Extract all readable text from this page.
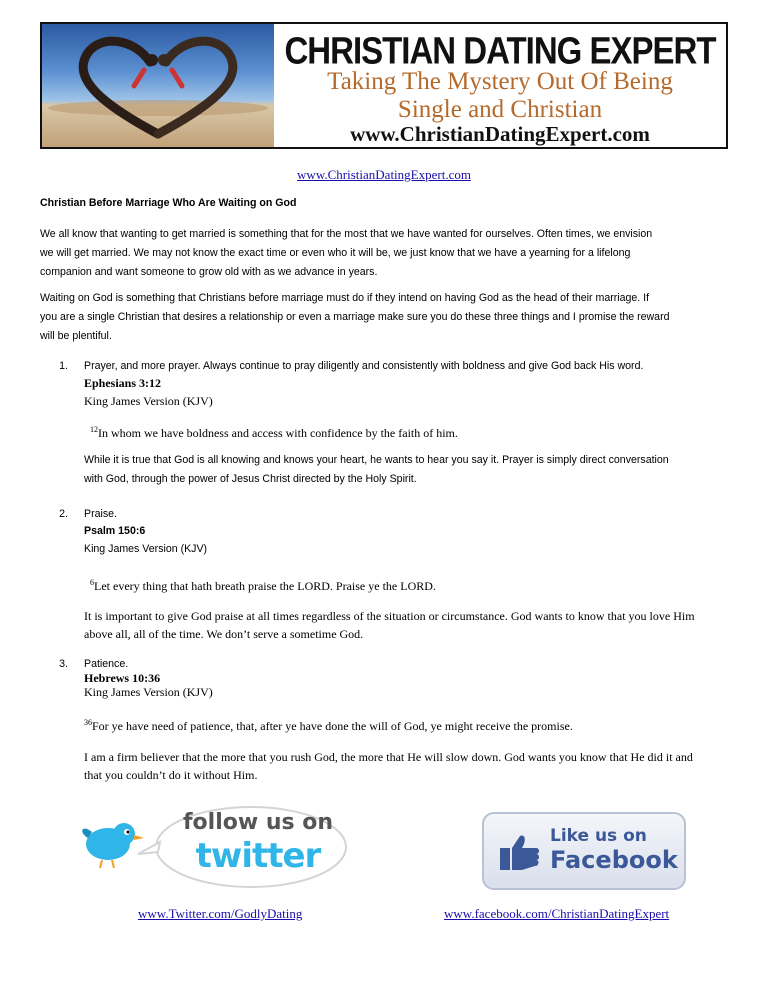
CHRISTIAN DATING EXPERT
Taking The Mystery Out Of Being
Single and Christian
www.ChristianDatingExpert.com
www.ChristianDatingExpert.com
Christian Before Marriage Who Are Waiting on God
We all know that wanting to get married is something that for the most that we have wanted for ourselves. Often times, we envision
we will get married. We may not know the exact time or even who it will be, we just know that we have a yearning for a lifelong
companion and want someone to grow old with as we advance in years.
Waiting on God is something that Christians before marriage must do if they intend on having God as the head of their marriage. If
you are a single Christian that desires a relationship or even a marriage make sure you do these three things and I promise the reward
will be plentiful.
1. Prayer, and more prayer. Always continue to pray diligently and consistently with boldness and give God back His word.
Ephesians 3:12
King James Version (KJV)
$^{12}$In whom we have boldness and access with confidence by the faith of him.
While it is true that God is all knowing and knows your heart, he wants to hear you say it. Prayer is simply direct conversation
with God, through the power of Jesus Christ directed by the Holy Spirit.
2. Praise.
Psalm 150:6
King James Version (KJV)
$^6$Let every thing that hath breath praise the LORD. Praise ye the LORD.
It is important to give God praise at all times regardless of the situation or circumstance. God wants to know that you love Him
above all, all of the time. We don’t serve a sometime God.
3. Patience.
Hebrews 10:36
King James Version (KJV)
$^{36}$For ye have need of patience, that, after ye have done the will of God, ye might receive the promise.
I am a firm believer that the more that you rush God, the more that He will slow down. God wants you know that He did it and
that you couldn’t do it without Him.
follow us on
twitter	Like us on
Facebook
www.Twitter.com/GodlyDating	www.facebook.com/ChristianDatingExpert
